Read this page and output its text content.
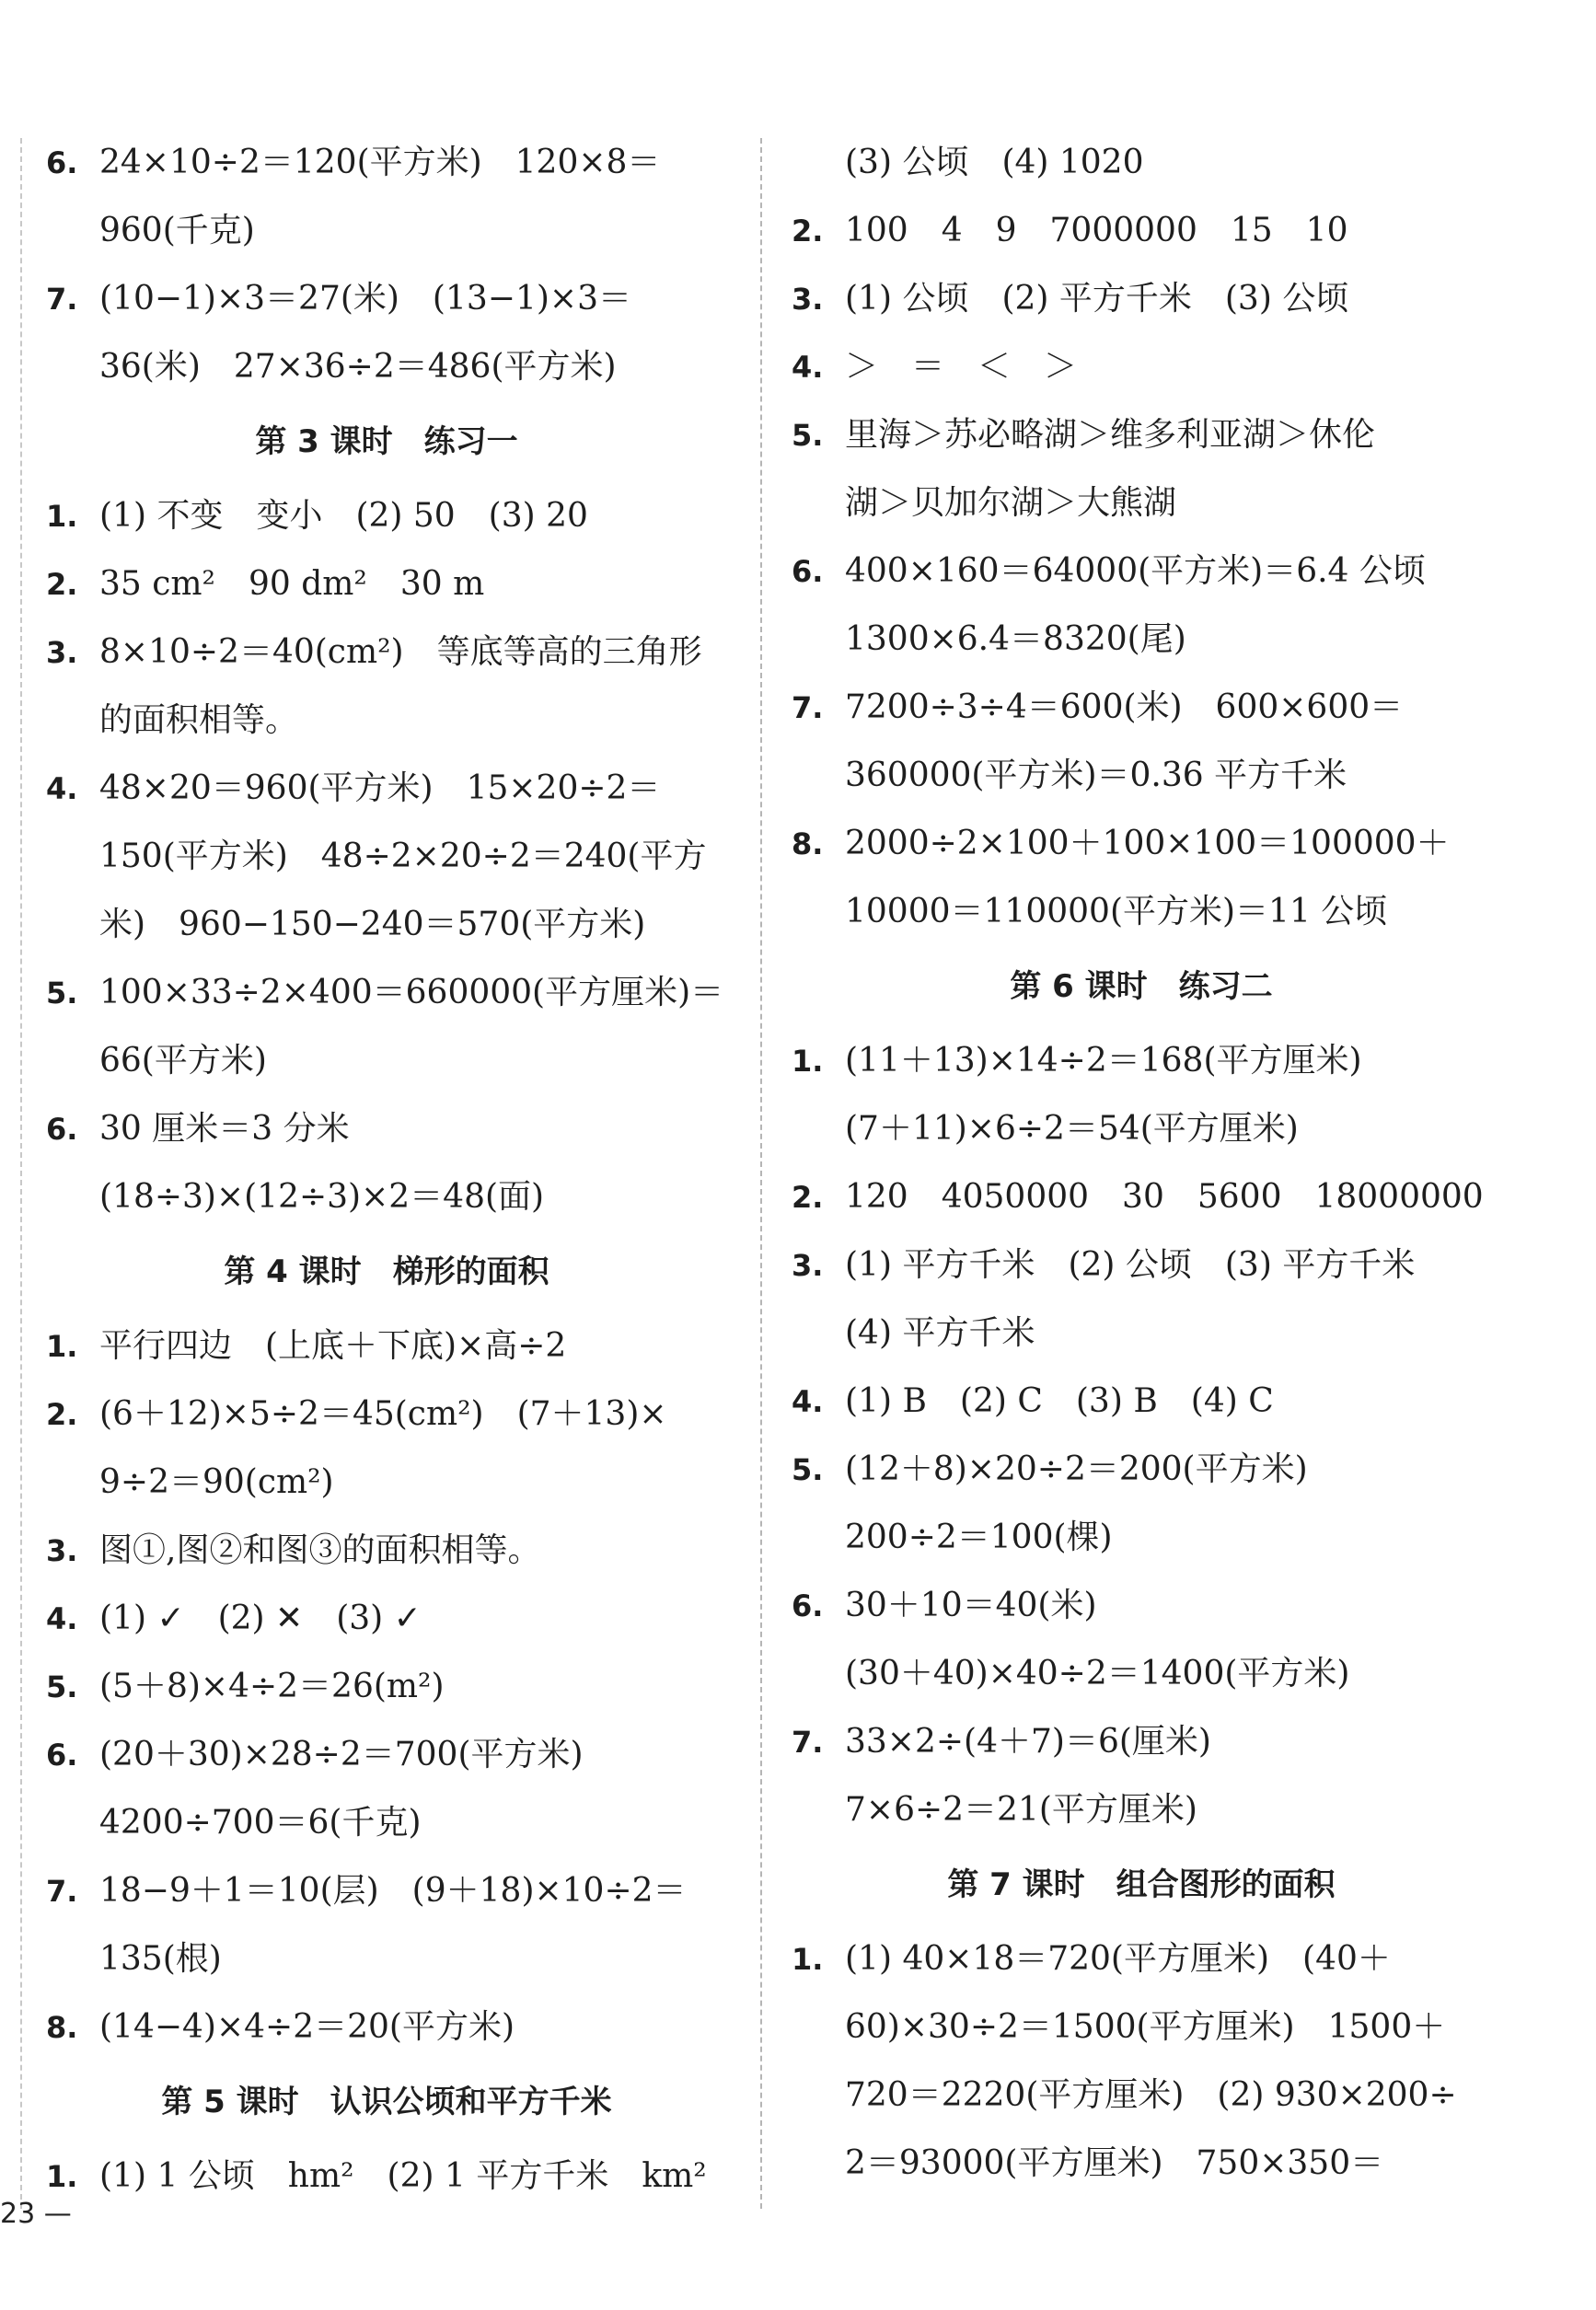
6. 24×10÷2＝120(平方米)　120×8＝
960(千克)
7. (10−1)×3＝27(米)　(13−1)×3＝
36(米)　27×36÷2＝486(平方米)
第 3 课时　练习一
1. (1) 不变　变小　(2) 50　(3) 20
2. 35 cm²　90 dm²　30 m
3. 8×10÷2＝40(cm²)　等底等高的三角形
的面积相等。
4. 48×20＝960(平方米)　15×20÷2＝
150(平方米)　48÷2×20÷2＝240(平方
米)　960−150−240＝570(平方米)
5. 100×33÷2×400＝660000(平方厘米)＝
66(平方米)
6. 30 厘米＝3 分米
(18÷3)×(12÷3)×2＝48(面)
第 4 课时　梯形的面积
1. 平行四边　(上底＋下底)×高÷2
2. (6＋12)×5÷2＝45(cm²)　(7＋13)×
9÷2＝90(cm²)
3. 图①,图②和图③的面积相等。
4. (1) ✓　(2) ✕　(3) ✓
5. (5＋8)×4÷2＝26(m²)
6. (20＋30)×28÷2＝700(平方米)
4200÷700＝6(千克)
7. 18−9＋1＝10(层)　(9＋18)×10÷2＝
135(根)
8. (14−4)×4÷2＝20(平方米)
第 5 课时　认识公顷和平方千米
1. (1) 1 公顷　hm²　(2) 1 平方千米　km²
(3) 公顷　(4) 1020
2. 100　4　9　7000000　15　10
3. (1) 公顷　(2) 平方千米　(3) 公顷
4. ＞　＝　＜　＞
5. 里海＞苏必略湖＞维多利亚湖＞休伦
湖＞贝加尔湖＞大熊湖
6. 400×160＝64000(平方米)＝6.4 公顷
1300×6.4＝8320(尾)
7. 7200÷3÷4＝600(米)　600×600＝
360000(平方米)＝0.36 平方千米
8. 2000÷2×100＋100×100＝100000＋
10000＝110000(平方米)＝11 公顷
第 6 课时　练习二
1. (11＋13)×14÷2＝168(平方厘米)
(7＋11)×6÷2＝54(平方厘米)
2. 120　4050000　30　5600　18000000
3. (1) 平方千米　(2) 公顷　(3) 平方千米
(4) 平方千米
4. (1) B　(2) C　(3) B　(4) C
5. (12＋8)×20÷2＝200(平方米)
200÷2＝100(棵)
6. 30＋10＝40(米)
(30＋40)×40÷2＝1400(平方米)
7. 33×2÷(4＋7)＝6(厘米)
7×6÷2＝21(平方厘米)
第 7 课时　组合图形的面积
1. (1) 40×18＝720(平方厘米)　(40＋
60)×30÷2＝1500(平方厘米)　1500＋
720＝2220(平方厘米)　(2) 930×200÷
2＝93000(平方厘米)　750×350＝
23 —
